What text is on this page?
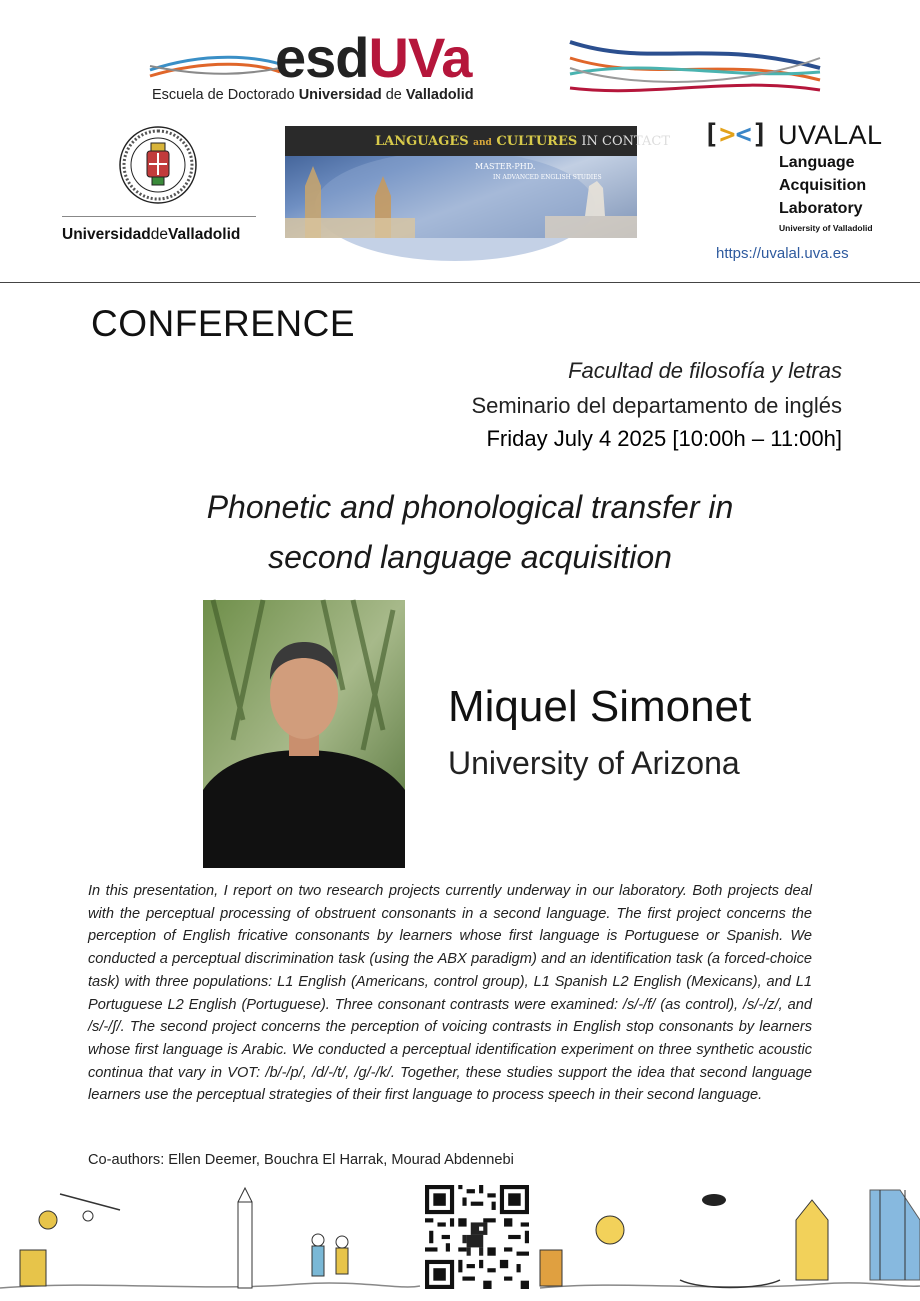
esdUVa
Escuela de Doctorado Universidad de Valladolid
UniversidaddeValladolid
LANGUAGES and CULTURES IN CONTACT
MASTER-PHD.
IN ADVANCED ENGLISH STUDIES
[><] UVALAL
Language
Acquisition
Laboratory
University of Valladolid
https://uvalal.uva.es
CONFERENCE
Facultad de filosofía y letras
Seminario del departamento de inglés
Friday July 4 2025 [10:00h – 11:00h]
Phonetic and phonological transfer in
second language acquisition
Miquel Simonet
University of Arizona
In this presentation, I report on two research projects currently underway in our laboratory. Both projects deal with the perceptual processing of obstruent consonants in a second language. The first project concerns the perception of English fricative consonants by learners whose first language is Portuguese or Spanish. We conducted a perceptual discrimination task (using the ABX paradigm) and an identification task (a forced-choice task) with three populations: L1 English (Americans, control group), L1 Spanish L2 English (Mexicans), and L1 Portuguese L2 English (Portuguese). Three consonant contrasts were examined: /s/-/f/ (as control), /s/-/z/, and /s/-/ʃ/. The second project concerns the perception of voicing contrasts in English stop consonants by learners whose first language is Arabic. We conducted a perceptual identification experiment on three synthetic acoustic continua that vary in VOT: /b/-/p/, /d/-/t/, /g/-/k/. Together, these studies support the idea that second language learners use the perceptual strategies of their first language to process speech in their second language.
Co-authors: Ellen Deemer, Bouchra El Harrak, Mourad Abdennebi
